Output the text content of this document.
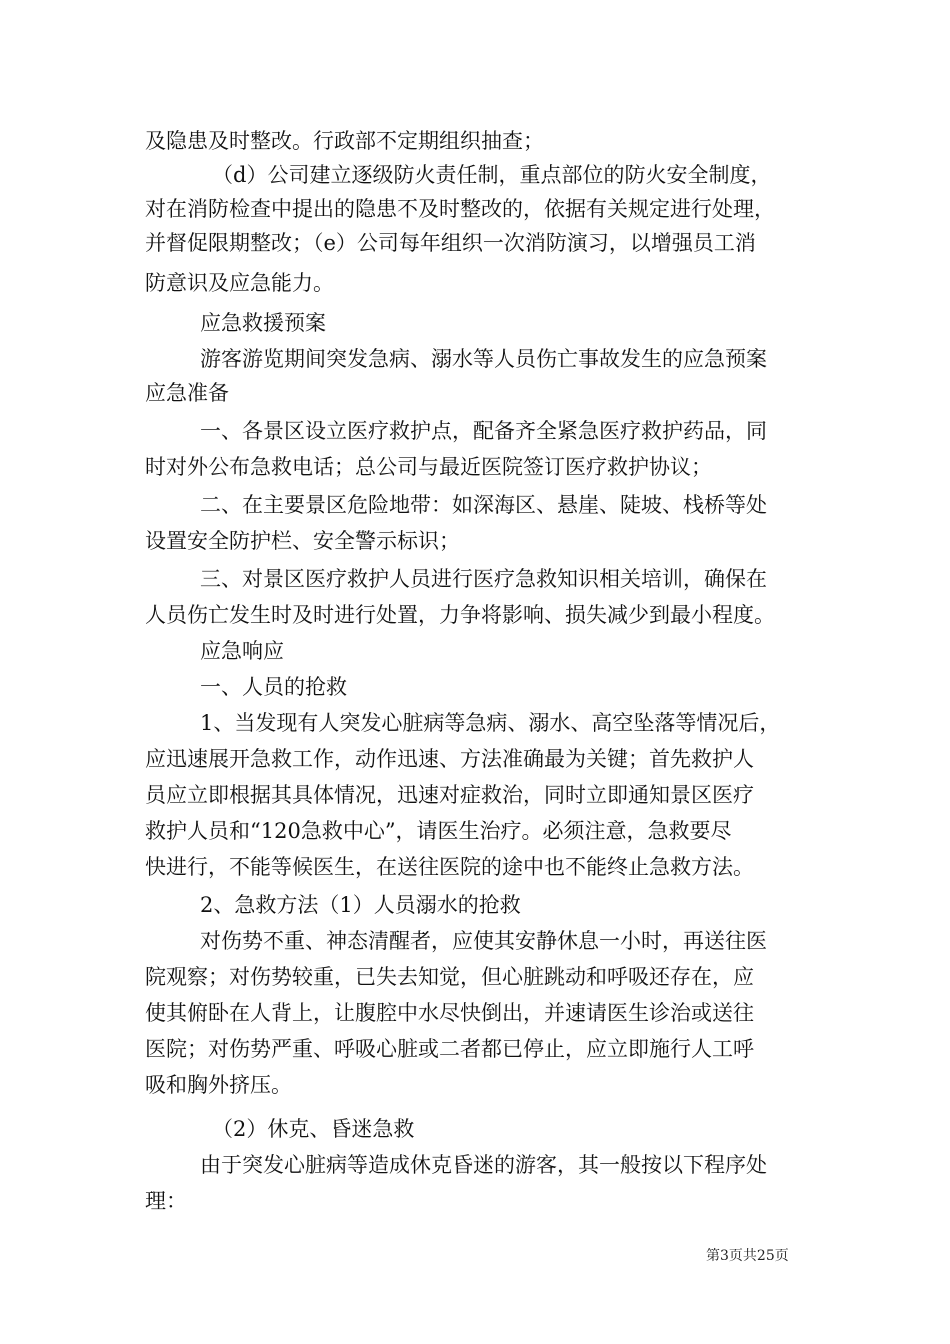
及隐患及时整改。行政部不定期组织抽查；
（d）公司建立逐级防火责任制，重点部位的防火安全制度，
对在消防检查中提出的隐患不及时整改的，依据有关规定进行处理，
并督促限期整改；（e）公司每年组织一次消防演习，以增强员工消
防意识及应急能力。
应急救援预案
游客游览期间突发急病、溺水等人员伤亡事故发生的应急预案
应急准备
一、各景区设立医疗救护点，配备齐全紧急医疗救护药品，同
时对外公布急救电话；总公司与最近医院签订医疗救护协议；
二、在主要景区危险地带：如深海区、悬崖、陡坡、栈桥等处
设置安全防护栏、安全警示标识；
三、对景区医疗救护人员进行医疗急救知识相关培训，确保在
人员伤亡发生时及时进行处置，力争将影响、损失减少到最小程度。
应急响应
一、人员的抢救
1、当发现有人突发心脏病等急病、溺水、高空坠落等情况后，
应迅速展开急救工作，动作迅速、方法准确最为关键；首先救护人
员应立即根据其具体情况，迅速对症救治，同时立即通知景区医疗
救护人员和“120急救中心”，请医生治疗。必须注意，急救要尽
快进行，不能等候医生，在送往医院的途中也不能终止急救方法。
2、急救方法（1）人员溺水的抢救
对伤势不重、神态清醒者，应使其安静休息一小时，再送往医
院观察；对伤势较重，已失去知觉，但心脏跳动和呼吸还存在，应
使其俯卧在人背上，让腹腔中水尽快倒出，并速请医生诊治或送往
医院；对伤势严重、呼吸心脏或二者都已停止，应立即施行人工呼
吸和胸外挤压。
（2）休克、昏迷急救
由于突发心脏病等造成休克昏迷的游客，其一般按以下程序处
理：
第3页共25页
